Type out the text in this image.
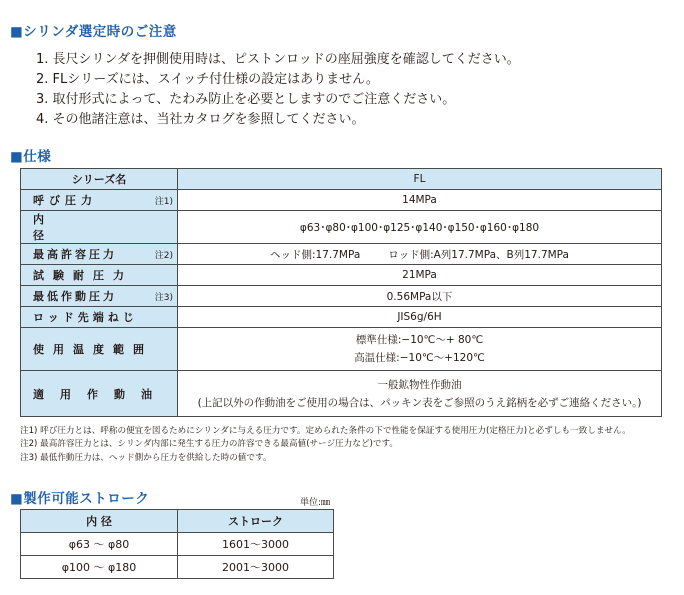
■シリンダ選定時のご注意
1. 長尺シリンダを押側使用時は、ピストンロッドの座屈強度を確認してください。
2. FLシリーズには、スイッチ付仕様の設定はありません。
3. 取付形式によって、たわみ防止を必要としますのでご注意ください。
4. その他諸注意は、当社カタログを参照してください。
■仕様
シリーズ名	FL

呼び圧力 注1)	14MPa

内径	φ63･φ80･φ100･φ125･φ140･φ150･φ160･φ180

最高許容圧力 注2)	ヘッド側:17.7MPa ロッド側:A列17.7MPa、B列17.7MPa

試験耐圧力	21MPa

最低作動圧力 注3)	0.56MPa以下

ロッド先端ねじ	JIS6g/6H

使用温度範囲	標準仕様:−10℃〜+ 80℃
高温仕様:−10℃〜+120℃

適用作動油	一般鉱物性作動油
(上記以外の作動油をご使用の場合は、パッキン表をご参照のうえ銘柄を必ずご連絡ください。)
注1) 呼び圧力とは、呼称の便宜を図るためにシリンダに与える圧力です。定められた条件の下で性能を保証する使用圧力(定格圧力)と必ずしも一致しません。
注2) 最高許容圧力とは、シリンダ内部に発生する圧力の許容できる最高値(サージ圧力など)です。
注3) 最低作動圧力は、ヘッド側から圧力を供給した時の値です。
■製作可能ストローク	単位:㎜
内 径	ストローク
φ63 〜 φ80	1601〜3000
φ100 〜 φ180	2001〜3000
